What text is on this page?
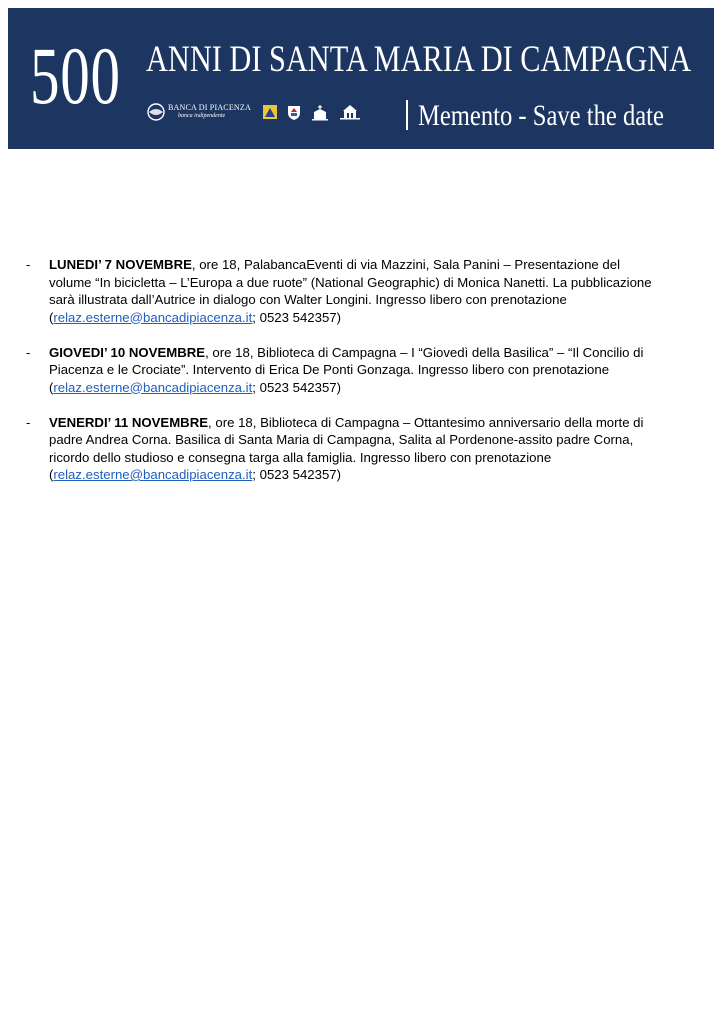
500 ANNI DI SANTA MARIA DI CAMPAGNA
BANCA DI PIACENZA
banca indipendente	Memento - Save the date
- LUNEDI’ 7 NOVEMBRE, ore 18, PalabancaEventi di via Mazzini, Sala Panini – Presentazione del volume “In bicicletta – L’Europa a due ruote” (National Geographic) di Monica Nanetti. La pubblicazione sarà illustrata dall’Autrice in dialogo con Walter Longini. Ingresso libero con prenotazione (relaz.esterne@bancadipiacenza.it; 0523 542357)
- GIOVEDI’ 10 NOVEMBRE, ore 18, Biblioteca di Campagna – I “Giovedì della Basilica” – “Il Concilio di Piacenza e le Crociate”. Intervento di Erica De Ponti Gonzaga. Ingresso libero con prenotazione (relaz.esterne@bancadipiacenza.it; 0523 542357)
- VENERDI’ 11 NOVEMBRE, ore 18, Biblioteca di Campagna – Ottantesimo anniversario della morte di padre Andrea Corna. Basilica di Santa Maria di Campagna, Salita al Pordenone-assito padre Corna, ricordo dello studioso e consegna targa alla famiglia. Ingresso libero con prenotazione (relaz.esterne@bancadipiacenza.it; 0523 542357)
